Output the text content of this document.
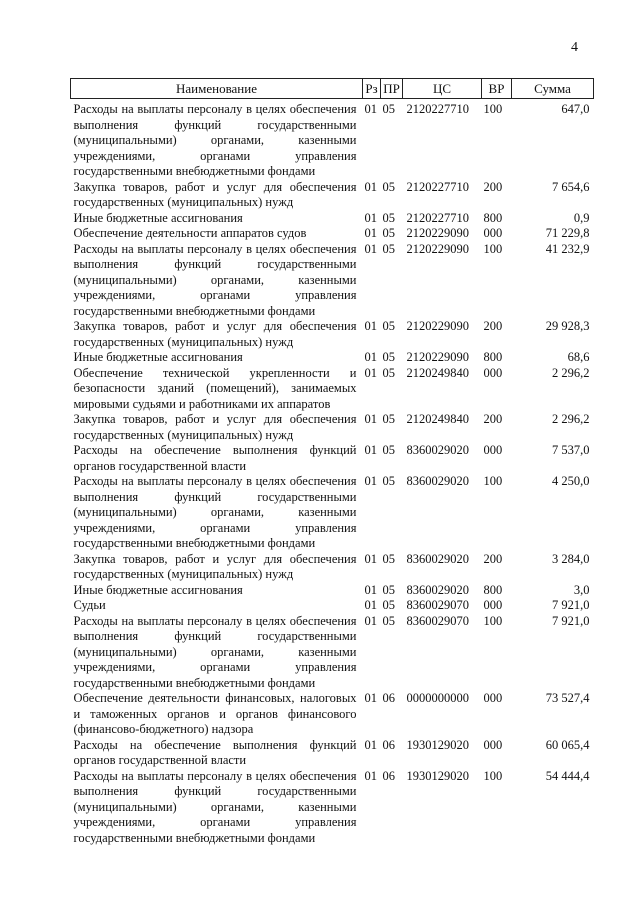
4
Наименование	Рз	ПР	ЦС	ВР	Сумма
Расходы на выплаты персоналу в целях обеспечения выполнения функций государственными (муниципальными) органами, казенными учреждениями, органами управления государственными внебюджетными фондами	01	05	2120227710	100	647,0
Закупка товаров, работ и услуг для обеспечения государственных (муниципальных) нужд	01	05	2120227710	200	7 654,6
Иные бюджетные ассигнования	01	05	2120227710	800	0,9
Обеспечение деятельности аппаратов судов	01	05	2120229090	000	71 229,8
Расходы на выплаты персоналу в целях обеспечения выполнения функций государственными (муниципальными) органами, казенными учреждениями, органами управления государственными внебюджетными фондами	01	05	2120229090	100	41 232,9
Закупка товаров, работ и услуг для обеспечения государственных (муниципальных) нужд	01	05	2120229090	200	29 928,3
Иные бюджетные ассигнования	01	05	2120229090	800	68,6
Обеспечение технической укрепленности и безопасности зданий (помещений), занимаемых мировыми судьями и работниками их аппаратов	01	05	2120249840	000	2 296,2
Закупка товаров, работ и услуг для обеспечения государственных (муниципальных) нужд	01	05	2120249840	200	2 296,2
Расходы на обеспечение выполнения функций органов государственной власти	01	05	8360029020	000	7 537,0
Расходы на выплаты персоналу в целях обеспечения выполнения функций государственными (муниципальными) органами, казенными учреждениями, органами управления государственными внебюджетными фондами	01	05	8360029020	100	4 250,0
Закупка товаров, работ и услуг для обеспечения государственных (муниципальных) нужд	01	05	8360029020	200	3 284,0
Иные бюджетные ассигнования	01	05	8360029020	800	3,0
Судьи	01	05	8360029070	000	7 921,0
Расходы на выплаты персоналу в целях обеспечения выполнения функций государственными (муниципальными) органами, казенными учреждениями, органами управления государственными внебюджетными фондами	01	05	8360029070	100	7 921,0
Обеспечение деятельности финансовых, налоговых и таможенных органов и органов финансового (финансово-бюджетного) надзора	01	06	0000000000	000	73 527,4
Расходы на обеспечение выполнения функций органов государственной власти	01	06	1930129020	000	60 065,4
Расходы на выплаты персоналу в целях обеспечения выполнения функций государственными (муниципальными) органами, казенными учреждениями, органами управления государственными внебюджетными фондами	01	06	1930129020	100	54 444,4
